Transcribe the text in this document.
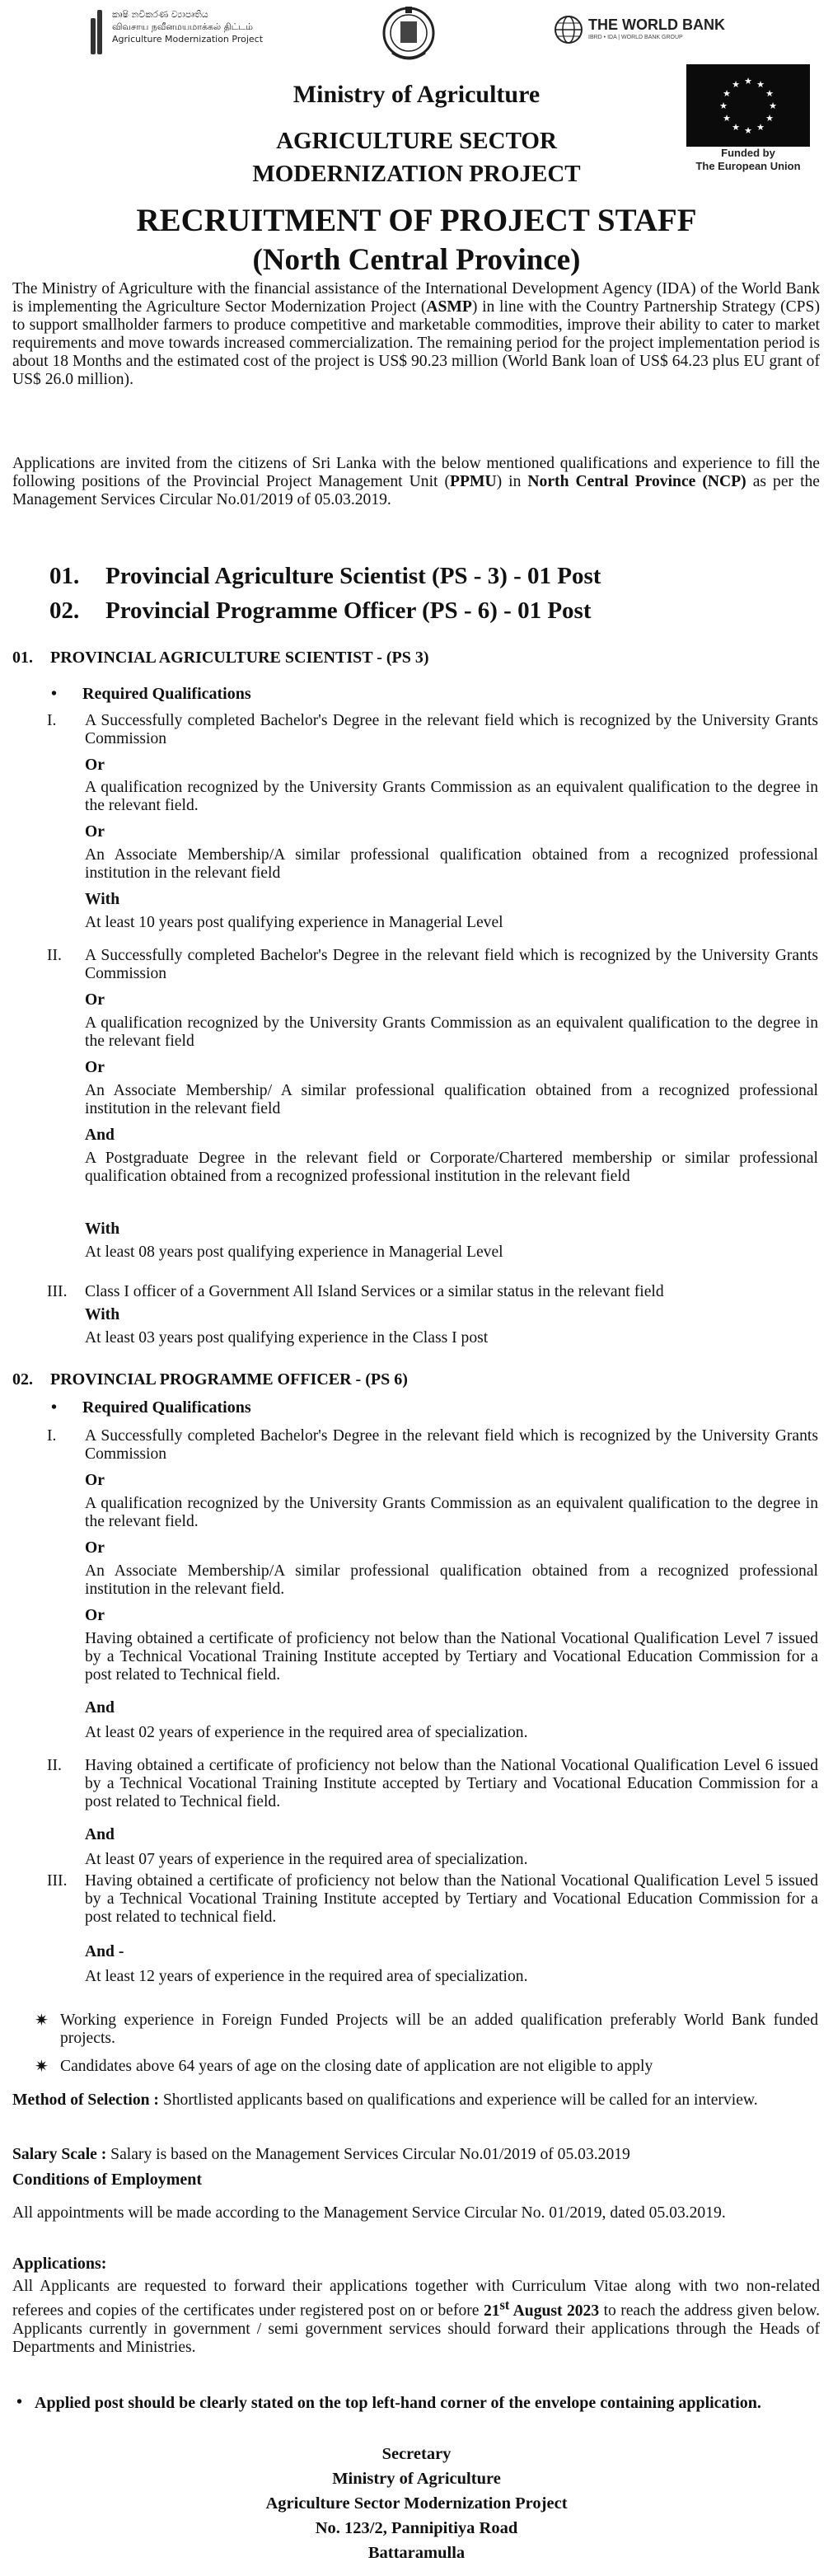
කෘෂි නවීකරණ ව්‍යාපෘතිය
விவசாய நவீனமயமாக்கல் திட்டம்
Agriculture Modernization Project
THE WORLD BANK
IBRD • IDA | WORLD BANK GROUP
★ ★
★
★
★
★
★
★
★
★
★
★
Funded by
The European Union
Ministry of Agriculture
AGRICULTURE SECTOR
MODERNIZATION PROJECT
RECRUITMENT OF PROJECT STAFF
(North Central Province)
The Ministry of Agriculture with the financial assistance of the International Development Agency (IDA) of the World Bank is implementing the Agriculture Sector Modernization Project (ASMP) in line with the Country Partnership Strategy (CPS) to support smallholder farmers to produce competitive and marketable commodities, improve their ability to cater to market requirements and move towards increased commercialization. The remaining period for the project implementation period is about 18 Months and the estimated cost of the project is US$ 90.23 million (World Bank loan of US$ 64.23 plus EU grant of US$ 26.0 million).
Applications are invited from the citizens of Sri Lanka with the below mentioned qualifications and experience to fill the following positions of the Provincial Project Management Unit (PPMU) in North Central Province (NCP) as per the Management Services Circular No.01/2019 of 05.03.2019.
01. Provincial Agriculture Scientist (PS - 3) - 01 Post
02. Provincial Programme Officer (PS - 6) - 01 Post
01. PROVINCIAL AGRICULTURE SCIENTIST - (PS 3)
• Required Qualifications
I.	A Successfully completed Bachelor's Degree in the relevant field which is recognized by the University Grants Commission
Or
A qualification recognized by the University Grants Commission as an equivalent qualification to the degree in the relevant field.
Or
An Associate Membership/A similar professional qualification obtained from a recognized professional institution in the relevant field
With
At least 10 years post qualifying experience in Managerial Level
II.	A Successfully completed Bachelor's Degree in the relevant field which is recognized by the University Grants Commission
Or
A qualification recognized by the University Grants Commission as an equivalent qualification to the degree in the relevant field
Or
An Associate Membership/ A similar professional qualification obtained from a recognized professional institution in the relevant field
And
A Postgraduate Degree in the relevant field or Corporate/Chartered membership or similar professional qualification obtained from a recognized professional institution in the relevant field
With
At least 08 years post qualifying experience in Managerial Level
III.	Class I officer of a Government All Island Services or a similar status in the relevant field
With
At least 03 years post qualifying experience in the Class I post
02. PROVINCIAL PROGRAMME OFFICER - (PS 6)
• Required Qualifications
I.	A Successfully completed Bachelor's Degree in the relevant field which is recognized by the University Grants Commission
Or
A qualification recognized by the University Grants Commission as an equivalent qualification to the degree in the relevant field.
Or
An Associate Membership/A similar professional qualification obtained from a recognized professional institution in the relevant field.
Or
Having obtained a certificate of proficiency not below than the National Vocational Qualification Level 7 issued by a Technical Vocational Training Institute accepted by Tertiary and Vocational Education Commission for a post related to Technical field.
And
At least 02 years of experience in the required area of specialization.
II.	Having obtained a certificate of proficiency not below than the National Vocational Qualification Level 6 issued by a Technical Vocational Training Institute accepted by Tertiary and Vocational Education Commission for a post related to Technical field.
And
At least 07 years of experience in the required area of specialization.
III.	Having obtained a certificate of proficiency not below than the National Vocational Qualification Level 5 issued by a Technical Vocational Training Institute accepted by Tertiary and Vocational Education Commission for a post related to technical field.
And -
At least 12 years of experience in the required area of specialization.
✷ Working experience in Foreign Funded Projects will be an added qualification preferably World Bank funded projects.
✷ Candidates above 64 years of age on the closing date of application are not eligible to apply
Method of Selection : Shortlisted applicants based on qualifications and experience will be called for an interview.
Salary Scale : Salary is based on the Management Services Circular No.01/2019 of 05.03.2019
Conditions of Employment
All appointments will be made according to the Management Service Circular No. 01/2019, dated 05.03.2019.
Applications:
All Applicants are requested to forward their applications together with Curriculum Vitae along with two non-related referees and copies of the certificates under registered post on or before 21st August 2023 to reach the address given below. Applicants currently in government / semi government services should forward their applications through the Heads of Departments and Ministries.
• Applied post should be clearly stated on the top left-hand corner of the envelope containing application.
Secretary
Ministry of Agriculture
Agriculture Sector Modernization Project
No. 123/2, Pannipitiya Road
Battaramulla
